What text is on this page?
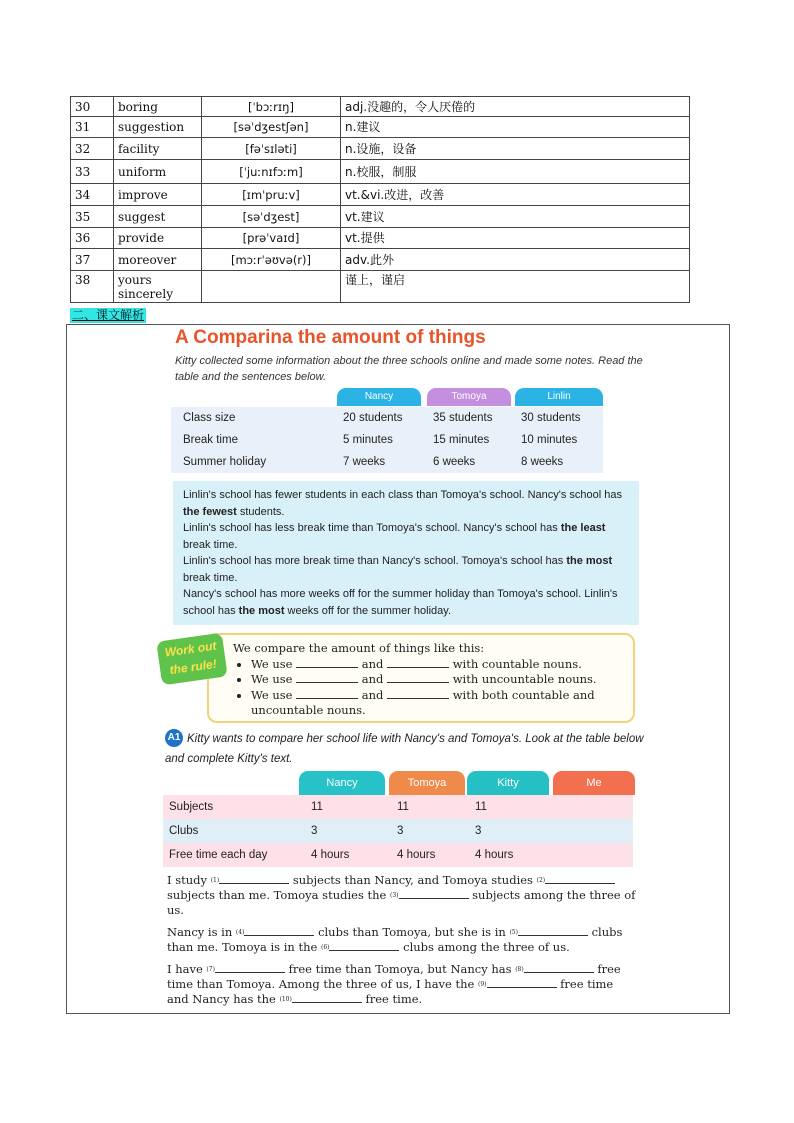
30	boring	[ˈbɔːrɪŋ]	adj.没趣的，令人厌倦的
31	suggestion	[səˈdʒestʃən]	n.建议
32	facility	[fəˈsɪləti]	n.设施，设备
33	uniform	[ˈjuːnɪfɔːm]	n.校服，制服
34	improve	[ɪmˈpruːv]	vt.&vi.改进，改善
35	suggest	[səˈdʒest]	vt.建议
36	provide	[prəˈvaɪd]	vt.提供
37	moreover	[mɔːrˈəʊvə(r)]	adv.此外
38	yours sincerely		谨上，谨启
二、课文解析
A Comparina the amount of things
Kitty collected some information about the three schools online and made some notes. Read the table and the sentences below.
Nancy	Tomoya	Linlin
Class size	20 students	35 students 30 students
Break time	5 minutes	15 minutes	10 minutes
Summer holiday	7 weeks	6 weeks	8 weeks

Linlin's school has fewer students in each class than Tomoya's school. Nancy's school has the fewest students.

Linlin's school has less break time than Tomoya's school. Nancy's school has the least break time.

Linlin's school has more break time than Nancy's school. Tomoya's school has the most break time.

Nancy's school has more weeks off for the summer holiday than Tomoya's school. Linlin's school has the most weeks off for the summer holiday.

We compare the amount of things like this:
• We use	and	with countable nouns.
• We use	and	with uncountable nouns.
• We use	and	with both countable and uncountable nouns.
Work out
the rule!
Kitty wants to compare her school life with Nancy's and Tomoya's. Look at the table below and complete Kitty's text.
A1
Nancy	Tomoya	Kitty	Me
Subjects	11	11	11
Clubs	3	3	3
Free time each day	4 hours	4 hours	4 hours

I study $^{(1)}$	subjects than Nancy, and Tomoya studies $^{(2)}$ subjects than me. Tomoya studies the $^{(3)}$	subjects among the three of us.

Nancy is in $^{(4)}$	clubs than Tomoya, but she is in $^{(5)}$	clubs than me. Tomoya is in the $^{(6)}$	clubs among the three of us.

I have $^{(7)}$	free time than Tomoya, but Nancy has $^{(8)}$	free time than Tomoya. Among the three of us, I have the $^{(9)}$	free time and Nancy has the $^{(10)}$	free time.
